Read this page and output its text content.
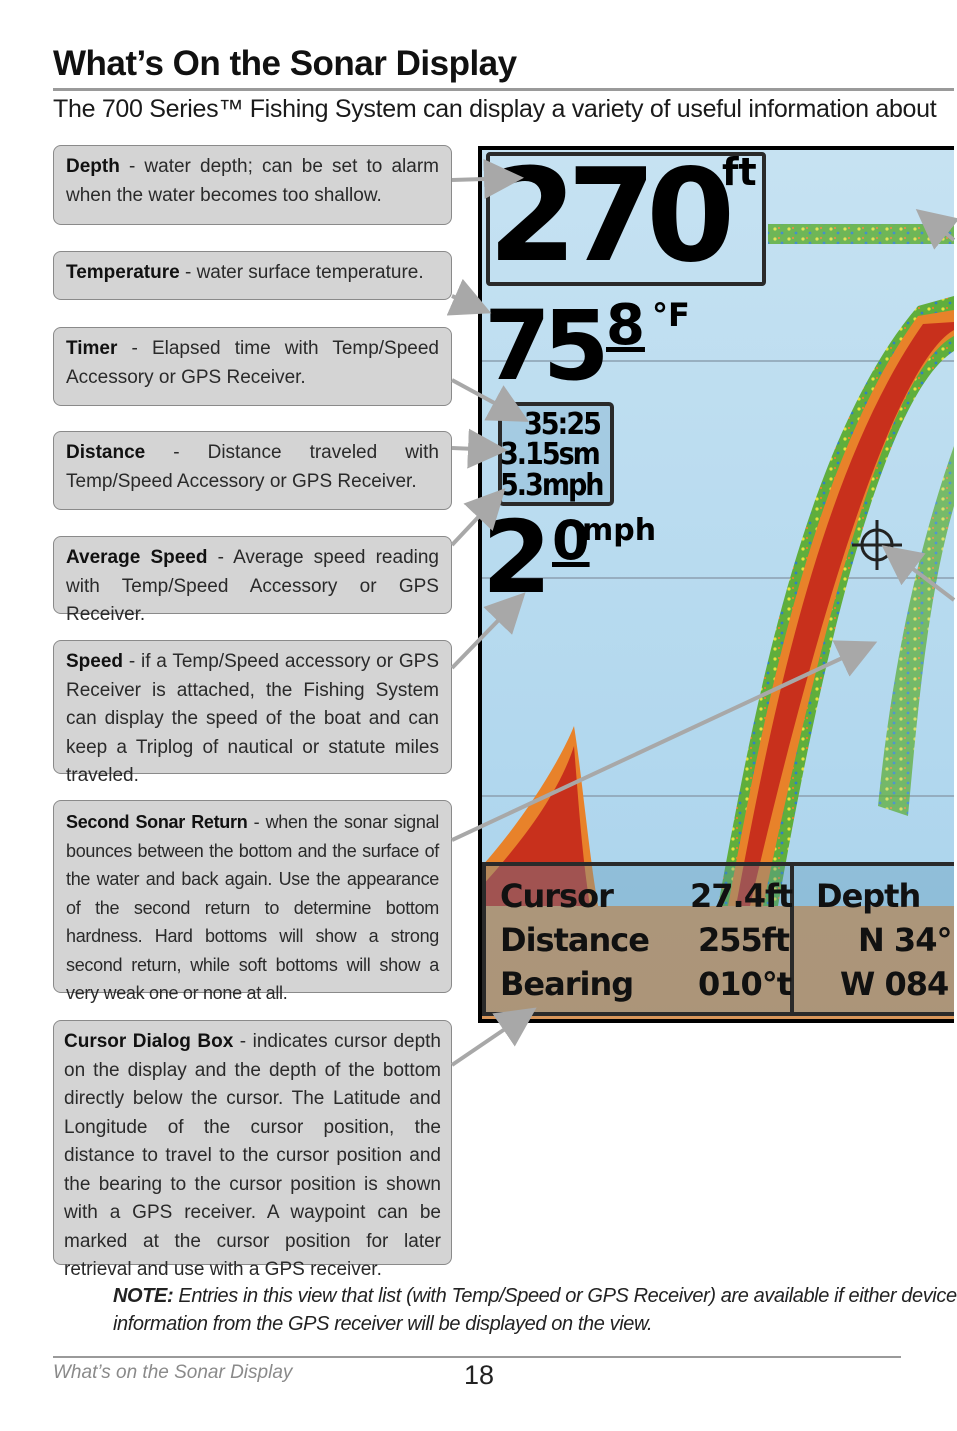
What’s On the Sonar Display

The 700 Series™ Fishing System can display a variety of useful information about

Depth - water depth; can be set to alarm when the water becomes too shallow.
Temperature - water surface temperature.
Timer - Elapsed time with Temp/Speed Accessory or GPS Receiver.
Distance - Distance traveled with Temp/Speed Accessory or GPS Receiver.
Average Speed - Average speed reading with Temp/Speed Accessory or GPS Receiver.
Speed - if a Temp/Speed accessory or GPS Receiver is attached, the Fishing System can display the speed of the boat and can keep a Triplog of nautical or statute miles traveled.
Second Sonar Return - when the sonar signal bounces between the bottom and the surface of the water and back again. Use the appearance of the second return to determine bottom hardness. Hard bottoms will show a strong second return, while soft bottoms will show a very weak one or none at all.
Cursor Dialog Box - indicates cursor depth on the display and the depth of the bottom directly below the cursor. The Latitude and Longitude of the cursor position, the distance to travel to the cursor position and the bearing to the cursor position is shown with a GPS receiver. A waypoint can be marked at the cursor position for later retrieval and use with a GPS receiver.
270
ft
75 8 °F
35:25
3.15sm
5.3mph
2 0
mph
Cursor
Distance
Bearing
27.4ft
255ft
010°t
Depth
N 34°
W 084

NOTE: Entries in this view that list (with Temp/Speed or GPS Receiver) are available if either device
information from the GPS receiver will be displayed on the view.

What’s on the Sonar Display	18
